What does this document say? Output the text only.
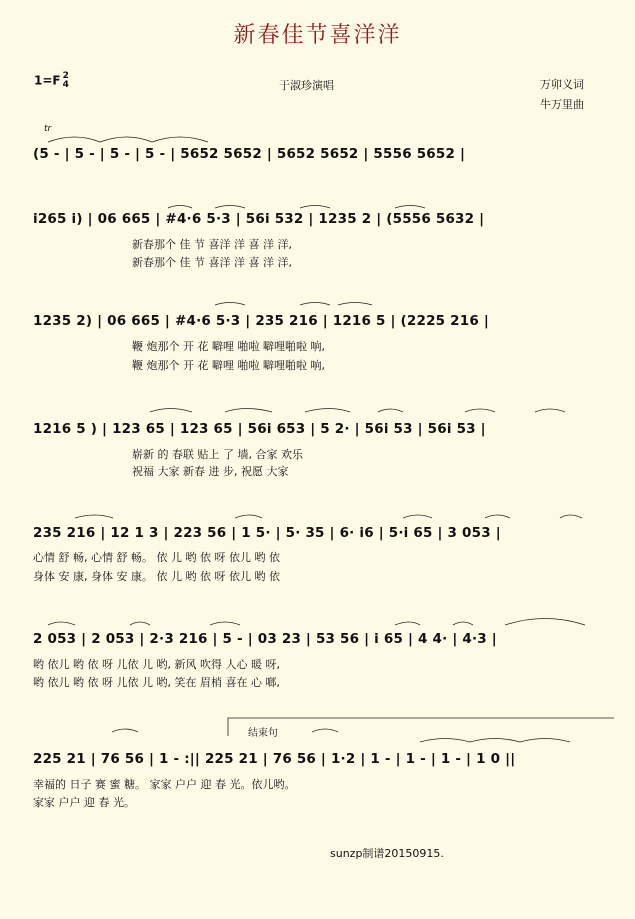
新春佳节喜洋洋
1=F 2
4	于淑珍演唱	万卯义词
牛万里曲
tr
结束句
(5 - | 5 - | 5 - | 5 - | 5652 5652 | 5652 5652 | 5556 5652 |
i265 i) | 06 665 | #4·6 5·3 | 56i 532 | 1235 2 | (5556 5632 |
新春那个 佳 节 喜洋 洋 喜 洋 洋,
新春那个 佳 节 喜洋 洋 喜 洋 洋,
1235 2) | 06 665 | #4·6 5·3 | 235 216 | 1216 5 | (2225 216 |
鞭 炮那个 开 花 噼哩 啪啦 噼哩啪啦 响,
鞭 炮那个 开 花 噼哩 啪啦 噼哩啪啦 响,
1216 5 ) | 123 65 | 123 65 | 56i 653 | 5 2· | 56i 53 | 56i 53 |
崭新 的 春联 贴上 了 墙, 合家 欢乐
祝福 大家 新春 进 步, 祝愿 大家
235 216 | 12 1 3 | 223 56 | 1 5· | 5· 35 | 6· i6 | 5·i 65 | 3 053 |
心情 舒 畅, 心情 舒 畅。 依 儿 哟 依 呀 依儿 哟 依
身体 安 康, 身体 安 康。 依 儿 哟 依 呀 依儿 哟 依
2 053 | 2 053 | 2·3 216 | 5 - | 03 23 | 53 56 | i 65 | 4 4· | 4·3 |
哟 依儿 哟 依 呀 儿依 儿 哟, 新风 吹得 人心 暖 呀,
哟 依儿 哟 依 呀 儿依 儿 哟, 笑在 眉梢 喜在 心 啷,
225 21 | 76 56 | 1 - :|| 225 21 | 76 56 | 1·2 | 1 - | 1 - | 1 - | 1 0 ||
幸福的 日子 赛 蜜 糖。 家家 户户 迎 春 光。依儿哟。
家家 户户 迎 春 光。
sunzp制谱20150915.
